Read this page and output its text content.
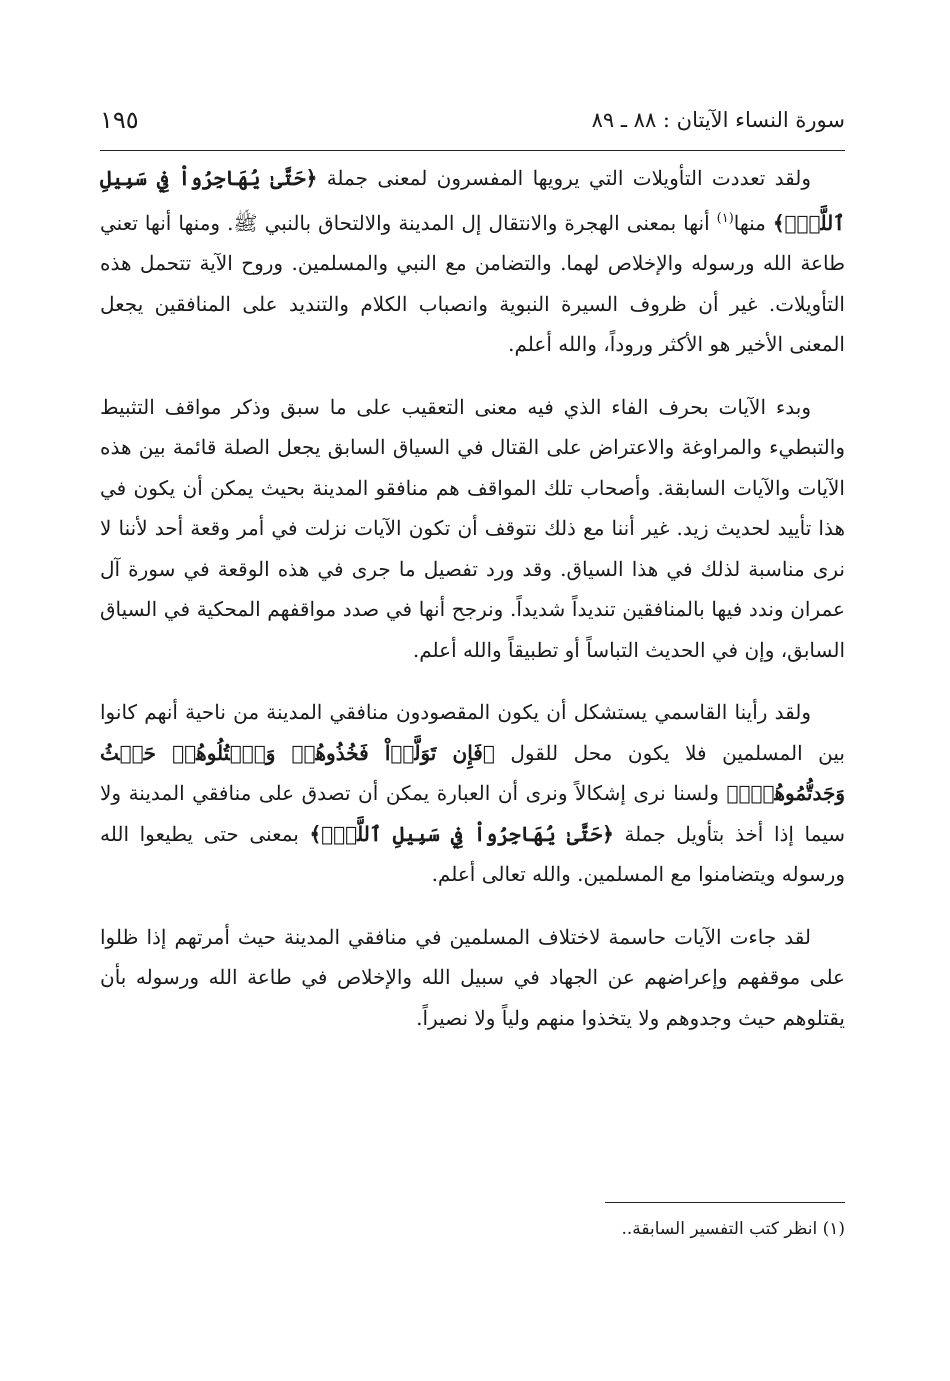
سورة النساء الآيتان : ٨٨ ـ ٨٩
١٩٥

ولقد تعددت التأويلات التي يرويها المفسرون لمعنى جملة ﴿حَتَّىٰ يُهَاجِرُواْ فِي سَبِيلِ ٱللَّهِۚ﴾ منها$^{(١)}$ أنها بمعنى الهجرة والانتقال إل المدينة والالتحاق بالنبي ﷺ. ومنها أنها تعني طاعة الله ورسوله والإخلاص لهما. والتضامن مع النبي والمسلمين. وروح الآية تتحمل هذه التأويلات. غير أن ظروف السيرة النبوية وانصباب الكلام والتنديد على المنافقين يجعل المعنى الأخير هو الأكثر وروداً، والله أعلم.

وبدء الآيات بحرف الفاء الذي فيه معنى التعقيب على ما سبق وذكر مواقف التثبيط والتبطيء والمراوغة والاعتراض على القتال في السياق السابق يجعل الصلة قائمة بين هذه الآيات والآيات السابقة. وأصحاب تلك المواقف هم منافقو المدينة بحيث يمكن أن يكون في هذا تأييد لحديث زيد. غير أننا مع ذلك نتوقف أن تكون الآيات نزلت في أمر وقعة أحد لأننا لا نرى مناسبة لذلك في هذا السياق. وقد ورد تفصيل ما جرى في هذه الوقعة في سورة آل عمران وندد فيها بالمنافقين تنديداً شديداً. ونرجح أنها في صدد مواقفهم المحكية في السياق السابق، وإن في الحديث التباساً أو تطبيقاً والله أعلم.

ولقد رأينا القاسمي يستشكل أن يكون المقصودون منافقي المدينة من ناحية أنهم كانوا بين المسلمين فلا يكون محل للقول ﴿فَإِن تَوَلَّوۡاْ فَخُذُوهُمۡ وَٱقۡتُلُوهُمۡ حَيۡثُ وَجَدتُّمُوهُمۡۖ﴾ ولسنا نرى إشكالاً ونرى أن العبارة يمكن أن تصدق على منافقي المدينة ولا سيما إذا أخذ بتأويل جملة ﴿حَتَّىٰ يُهَاجِرُواْ فِي سَبِيلِ ٱللَّهِۚ﴾ بمعنى حتى يطيعوا الله ورسوله ويتضامنوا مع المسلمين. والله تعالى أعلم.

لقد جاءت الآيات حاسمة لاختلاف المسلمين في منافقي المدينة حيث أمرتهم إذا ظلوا على موقفهم وإعراضهم عن الجهاد في سبيل الله والإخلاص في طاعة الله ورسوله بأن يقتلوهم حيث وجدوهم ولا يتخذوا منهم ولياً ولا نصيراً.

(١) انظر كتب التفسير السابقة..
